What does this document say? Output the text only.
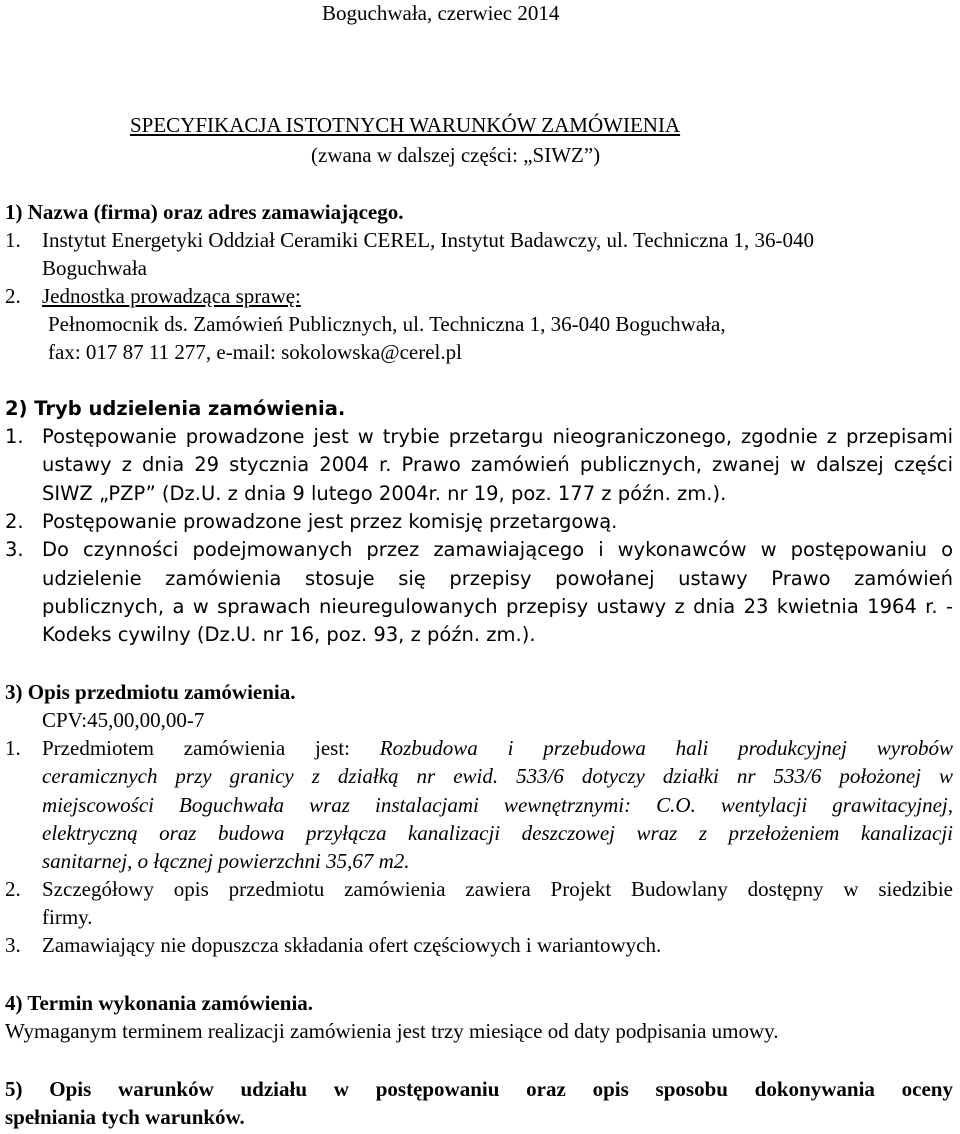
Boguchwała, czerwiec 2014
SPECYFIKACJA ISTOTNYCH WARUNKÓW ZAMÓWIENIA
(zwana w dalszej części: „SIWZ”)
1) Nazwa (firma) oraz adres zamawiającego.
1. Instytut Energetyki Oddział Ceramiki CEREL, Instytut Badawczy, ul. Techniczna 1, 36-040
Boguchwała
2. Jednostka prowadząca sprawę:
Pełnomocnik ds. Zamówień Publicznych, ul. Techniczna 1, 36-040 Boguchwała,
fax: 017 87 11 277, e-mail: sokolowska@cerel.pl
2) Tryb udzielenia zamówienia.
1. Postępowanie prowadzone jest w trybie przetargu nieograniczonego, zgodnie z przepisami
ustawy z dnia 29 stycznia 2004 r. Prawo zamówień publicznych, zwanej w dalszej części
SIWZ „PZP” (Dz.U. z dnia 9 lutego 2004r. nr 19, poz. 177 z późn. zm.).
2. Postępowanie prowadzone jest przez komisję przetargową.
3. Do czynności podejmowanych przez zamawiającego i wykonawców w postępowaniu o
udzielenie zamówienia stosuje się przepisy powołanej ustawy Prawo zamówień
publicznych, a w sprawach nieuregulowanych przepisy ustawy z dnia 23 kwietnia 1964 r. -
Kodeks cywilny (Dz.U. nr 16, poz. 93, z późn. zm.).
3) Opis przedmiotu zamówienia.
CPV:45,00,00,00-7
1. Przedmiotem zamówienia jest: Rozbudowa i przebudowa hali produkcyjnej wyrobów
ceramicznych przy granicy z działką nr ewid. 533/6 dotyczy działki nr 533/6 położonej w
miejscowości Boguchwała wraz instalacjami wewnętrznymi: C.O. wentylacji grawitacyjnej,
elektryczną oraz budowa przyłącza kanalizacji deszczowej wraz z przełożeniem kanalizacji
sanitarnej, o łącznej powierzchni 35,67 m2.
2. Szczegółowy opis przedmiotu zamówienia zawiera Projekt Budowlany dostępny w siedzibie
firmy.
3. Zamawiający nie dopuszcza składania ofert częściowych i wariantowych.
4) Termin wykonania zamówienia.
Wymaganym terminem realizacji zamówienia jest trzy miesiące od daty podpisania umowy.
5) Opis warunków udziału w postępowaniu oraz opis sposobu dokonywania oceny
spełniania tych warunków.
